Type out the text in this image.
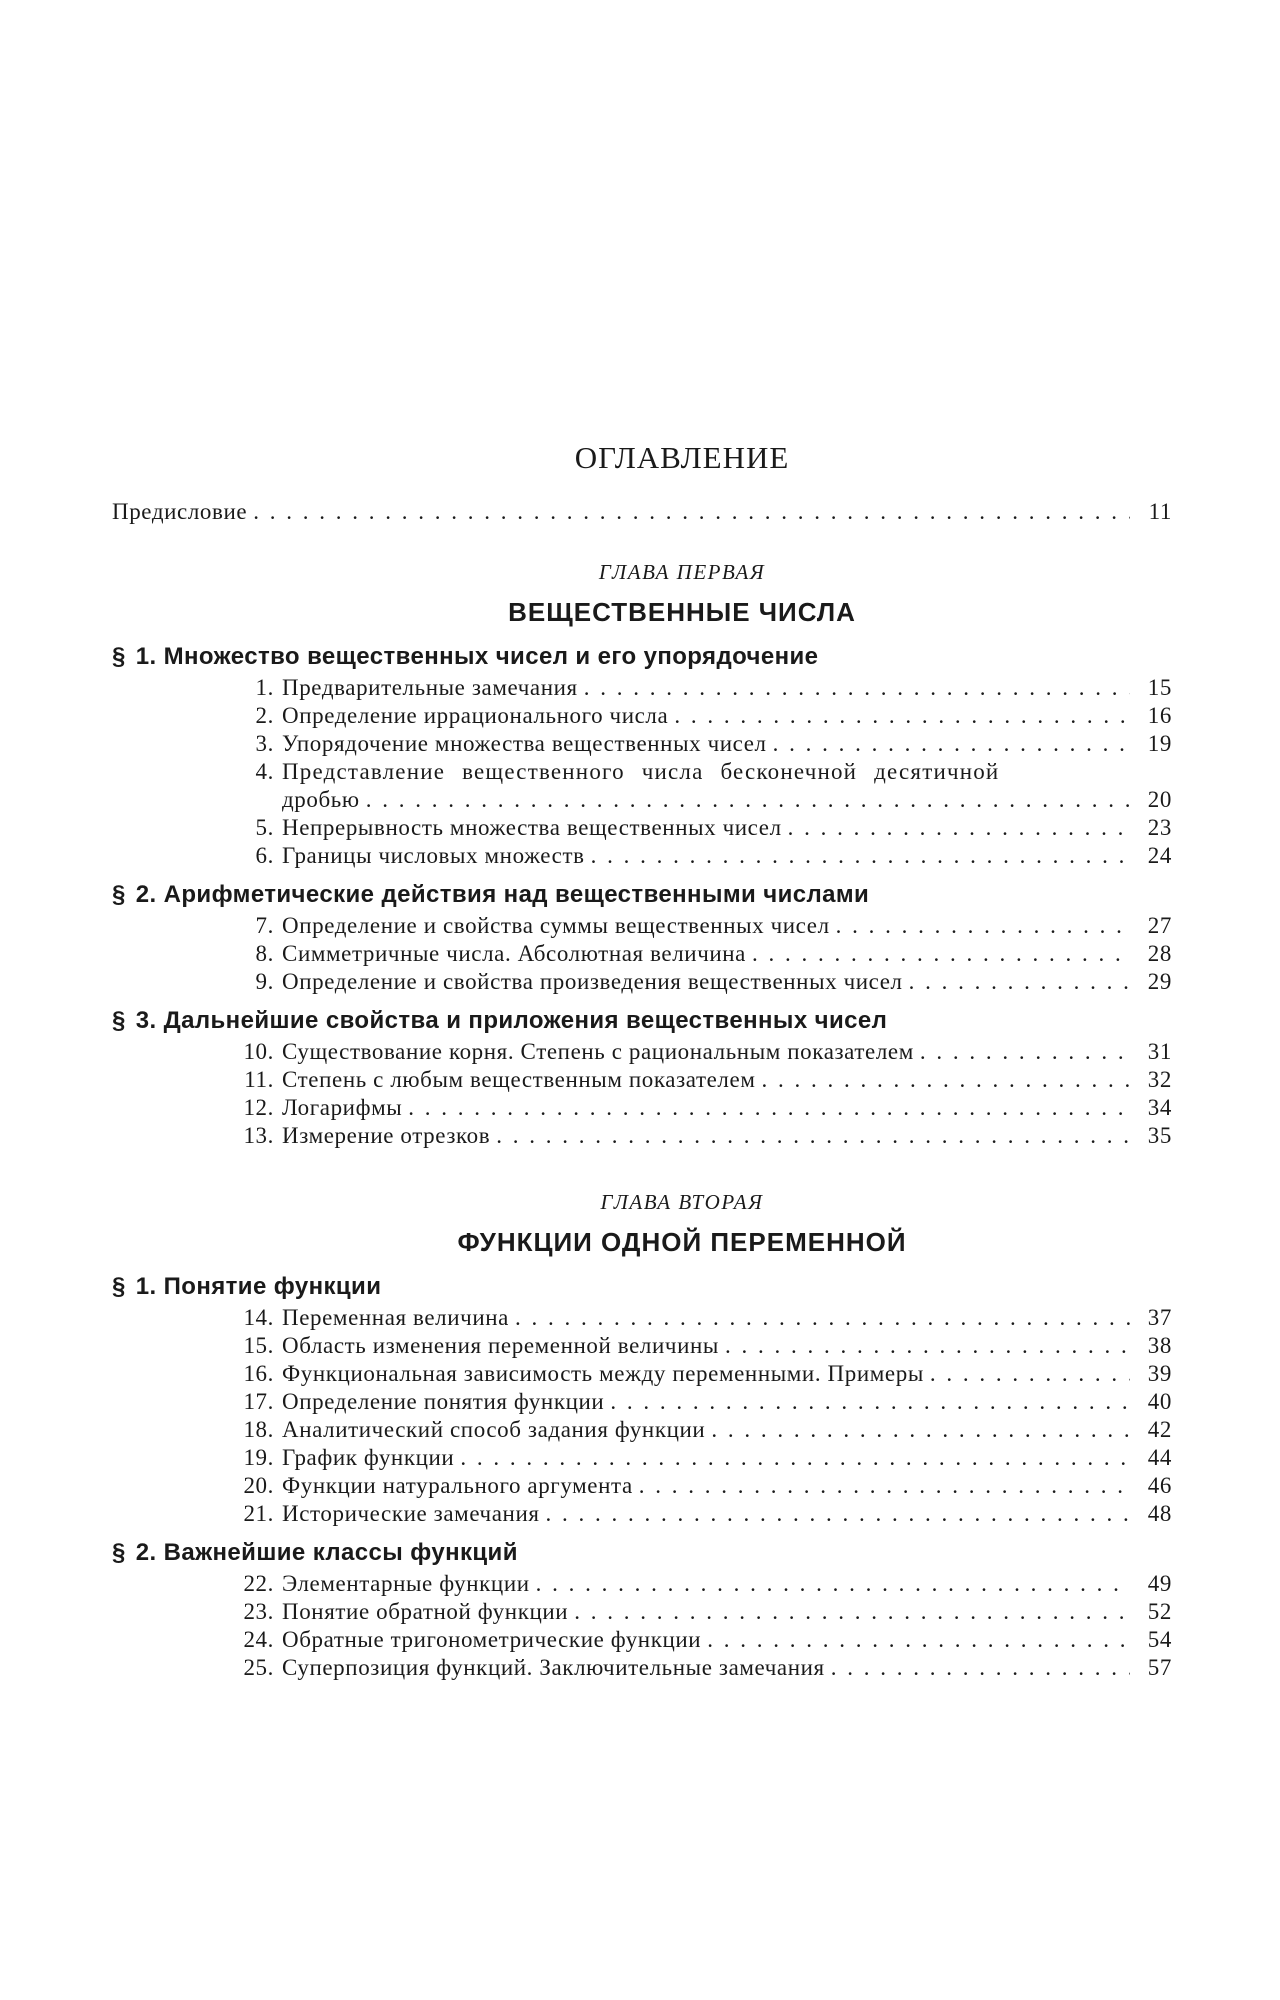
ОГЛАВЛЕНИЕ
Предисловие . . .	11
ГЛАВА ПЕРВАЯ
ВЕЩЕСТВЕННЫЕ ЧИСЛА
§ 1. Множество вещественных чисел и его упорядочение
1. Предварительные замечания . . .	15
2. Определение иррационального числа . . .	16
3. Упорядочение множества вещественных чисел . . .	19
4. Представление вещественного числа бесконечной десятичной
дробью . . .	20
5. Непрерывность множества вещественных чисел . . .	23
6. Границы числовых множеств . . .	24
§ 2. Арифметические действия над вещественными числами
7. Определение и свойства суммы вещественных чисел . . .	27
8. Симметричные числа. Абсолютная величина . . .	28
9. Определение и свойства произведения вещественных чисел . . .	29
§ 3. Дальнейшие свойства и приложения вещественных чисел
10. Существование корня. Степень с рациональным показателем . . .	31
11. Степень с любым вещественным показателем . . .	32
12. Логарифмы . . .	34
13. Измерение отрезков . . .	35
ГЛАВА ВТОРАЯ
ФУНКЦИИ ОДНОЙ ПЕРЕМЕННОЙ
§ 1. Понятие функции
14. Переменная величина . . .	37
15. Область изменения переменной величины . . .	38
16. Функциональная зависимость между переменными. Примеры . . .	39
17. Определение понятия функции . . .	40
18. Аналитический способ задания функции . . .	42
19. График функции . . .	44
20. Функции натурального аргумента . . .	46
21. Исторические замечания . . .	48
§ 2. Важнейшие классы функций
22. Элементарные функции . . .	49
23. Понятие обратной функции . . .	52
24. Обратные тригонометрические функции . . .	54
25. Суперпозиция функций. Заключительные замечания . . .	57
